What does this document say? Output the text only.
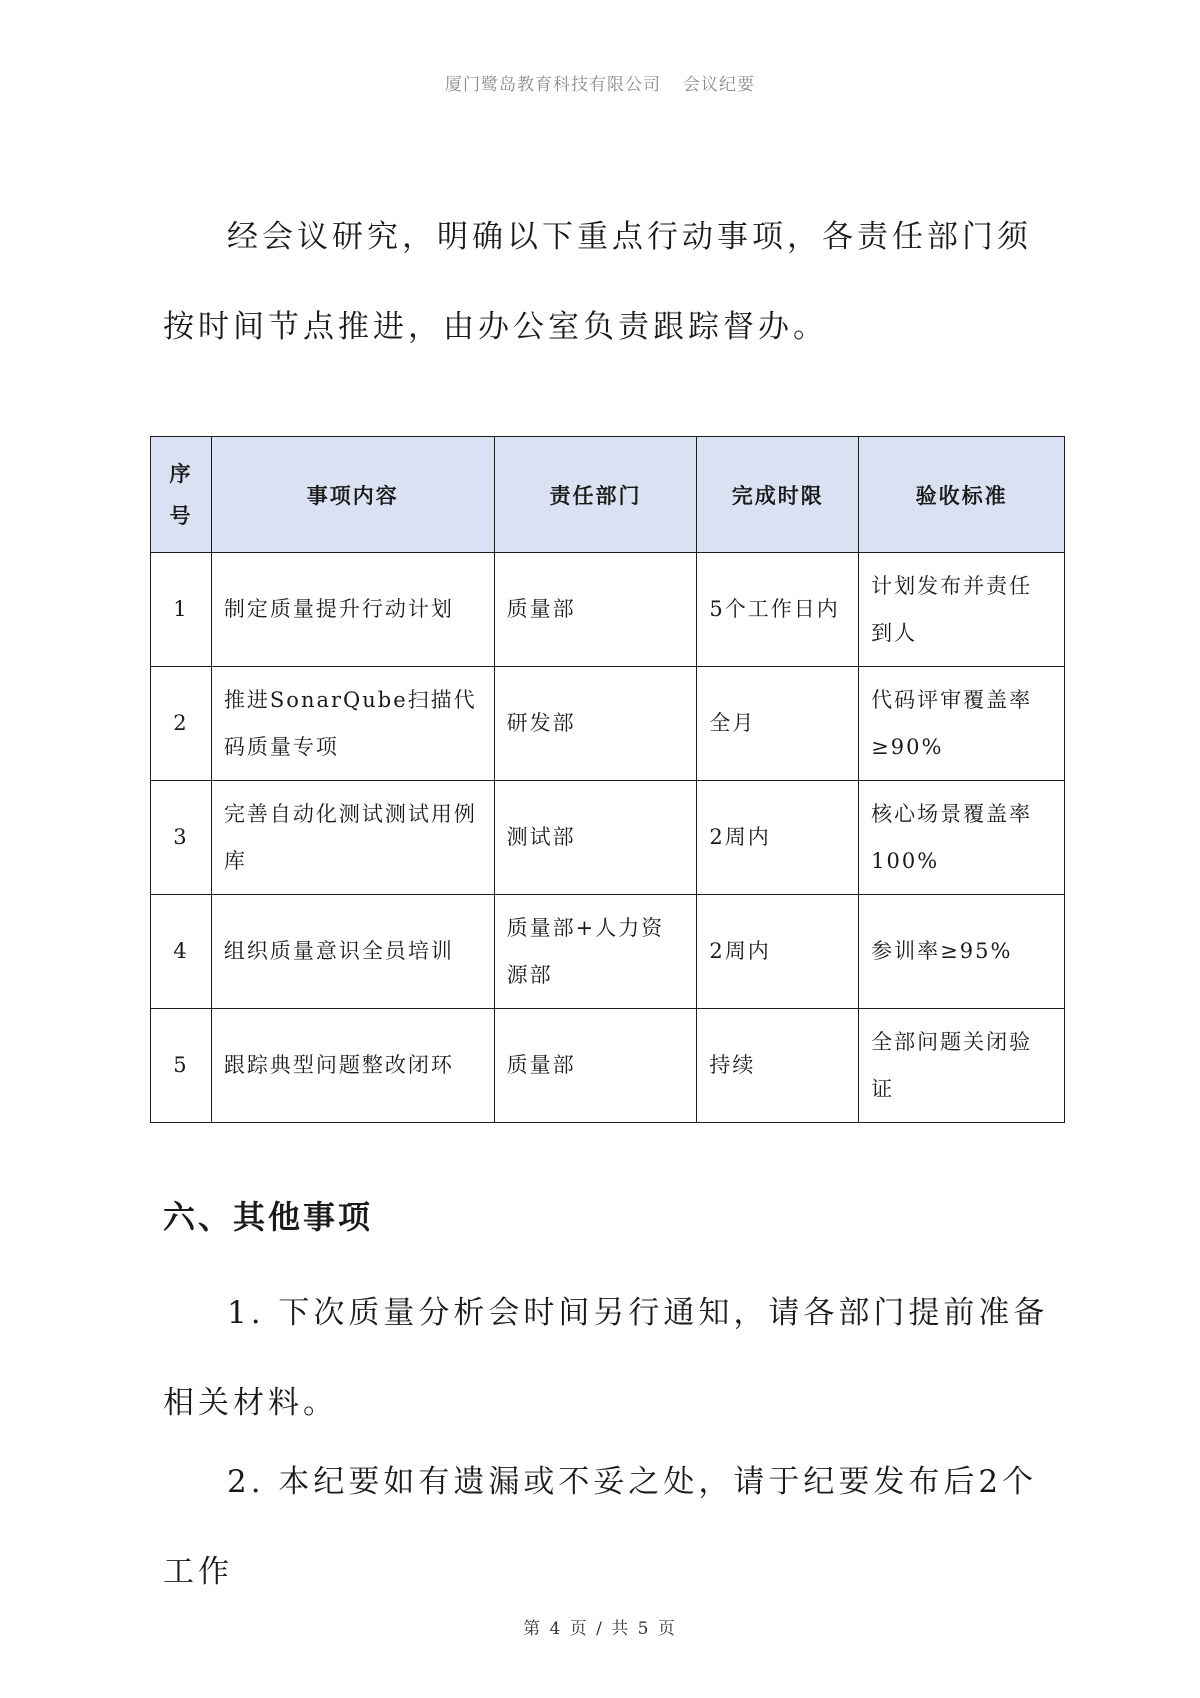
厦门鹭岛教育科技有限公司 会议纪要

经会议研究，明确以下重点行动事项，各责任部门须按时间节点推进，由办公室负责跟踪督办。

序号	事项内容	责任部门	完成时限	验收标准
1	制定质量提升行动计划	质量部	5个工作日内	计划发布并责任到人
2	推进SonarQube扫描代码质量专项	研发部	全月	代码评审覆盖率≥90%
3	完善自动化测试测试用例库	测试部	2周内	核心场景覆盖率100%
4	组织质量意识全员培训	质量部+人力资源部	2周内	参训率≥95%
5	跟踪典型问题整改闭环	质量部	持续	全部问题关闭验证
六、其他事项

1. 下次质量分析会时间另行通知，请各部门提前准备相关材料。

2. 本纪要如有遗漏或不妥之处，请于纪要发布后2个工作

第 4 页 / 共 5 页
